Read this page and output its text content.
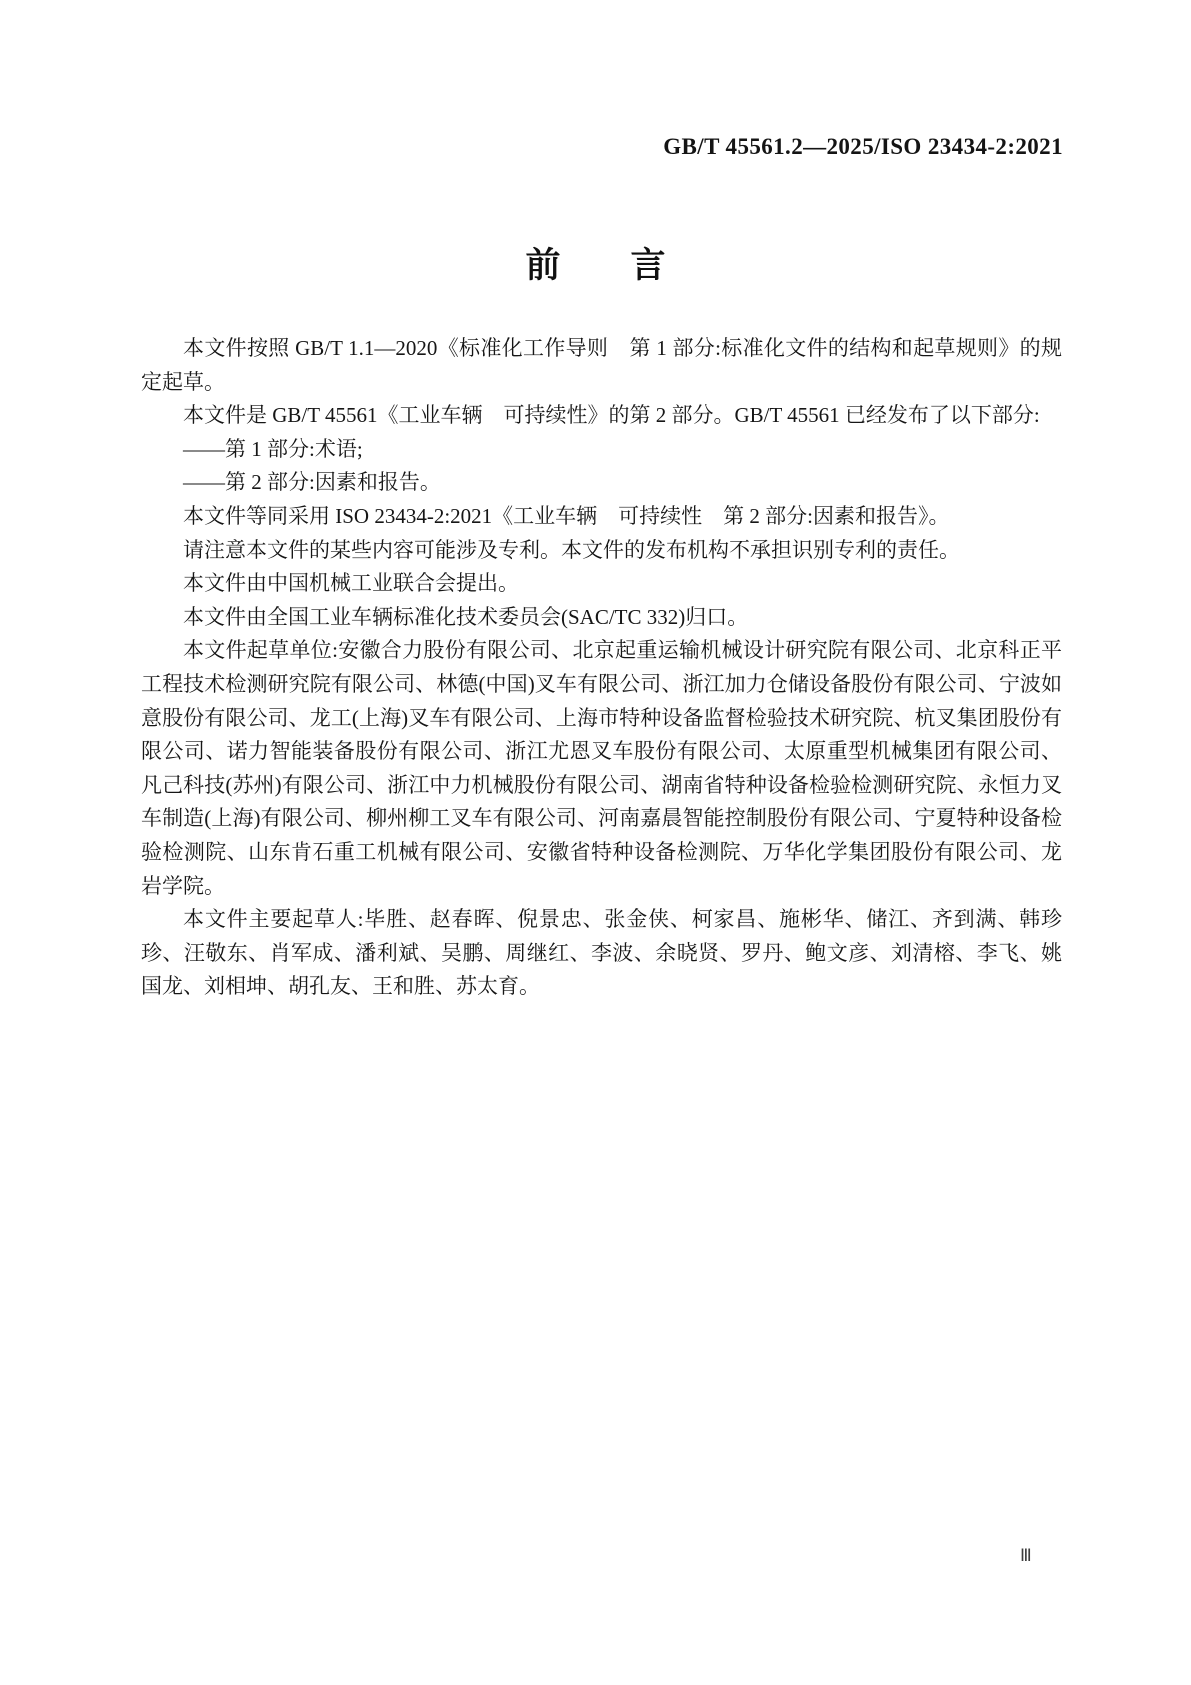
GB/T 45561.2—2025/ISO 23434-2:2021
前　　言

本文件按照 GB/T 1.1—2020《标准化工作导则　第 1 部分:标准化文件的结构和起草规则》的规定起草。

本文件是 GB/T 45561《工业车辆　可持续性》的第 2 部分。GB/T 45561 已经发布了以下部分:

——第 1 部分:术语;

——第 2 部分:因素和报告。

本文件等同采用 ISO 23434-2:2021《工业车辆　可持续性　第 2 部分:因素和报告》。

请注意本文件的某些内容可能涉及专利。本文件的发布机构不承担识别专利的责任。

本文件由中国机械工业联合会提出。

本文件由全国工业车辆标准化技术委员会(SAC/TC 332)归口。

本文件起草单位:安徽合力股份有限公司、北京起重运输机械设计研究院有限公司、北京科正平工程技术检测研究院有限公司、林德(中国)叉车有限公司、浙江加力仓储设备股份有限公司、宁波如意股份有限公司、龙工(上海)叉车有限公司、上海市特种设备监督检验技术研究院、杭叉集团股份有限公司、诺力智能装备股份有限公司、浙江尤恩叉车股份有限公司、太原重型机械集团有限公司、凡己科技(苏州)有限公司、浙江中力机械股份有限公司、湖南省特种设备检验检测研究院、永恒力叉车制造(上海)有限公司、柳州柳工叉车有限公司、河南嘉晨智能控制股份有限公司、宁夏特种设备检验检测院、山东肯石重工机械有限公司、安徽省特种设备检测院、万华化学集团股份有限公司、龙岩学院。

本文件主要起草人:毕胜、赵春晖、倪景忠、张金侠、柯家昌、施彬华、储江、齐到满、韩珍珍、汪敬东、肖军成、潘利斌、吴鹏、周继红、李波、余晓贤、罗丹、鲍文彦、刘清榕、李飞、姚国龙、刘相坤、胡孔友、王和胜、苏太育。

Ⅲ
